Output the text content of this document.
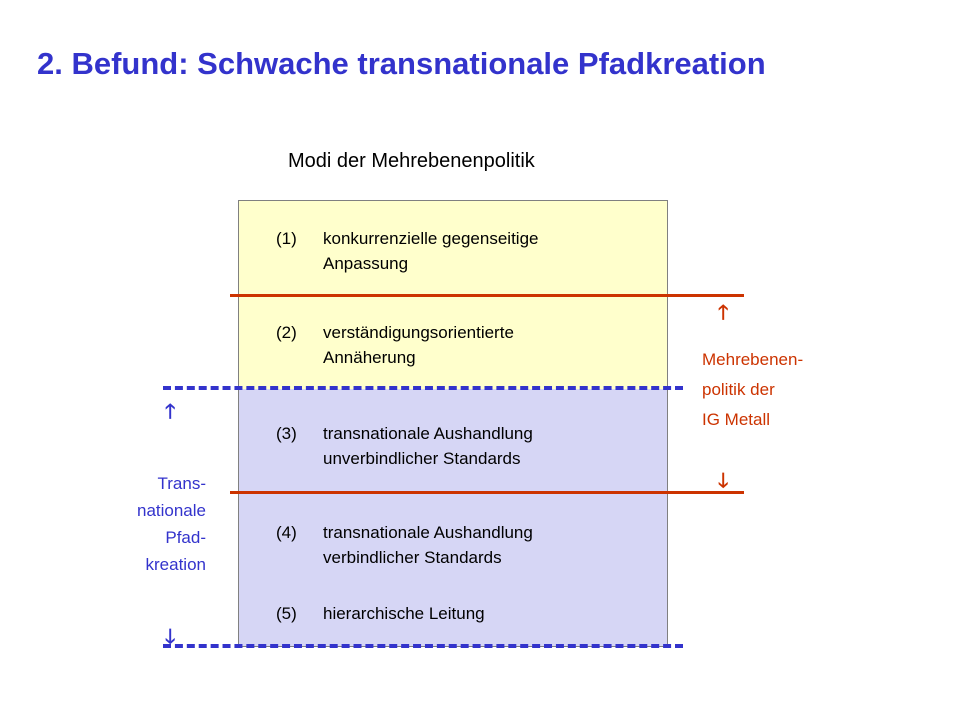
2. Befund: Schwache transnationale Pfadkreation
Modi der Mehrebenenpolitik
(1) konkurrenzielle gegenseitige
Anpassung
(2) verständigungsorientierte
Annäherung
(3) transnationale Aushandlung
unverbindlicher Standards
(4) transnationale Aushandlung
verbindlicher Standards
(5) hierarchische Leitung
🡑
🡓
🡑
🡓
Mehrebenen-
politik der
IG Metall
Trans-
nationale
Pfad-
kreation
